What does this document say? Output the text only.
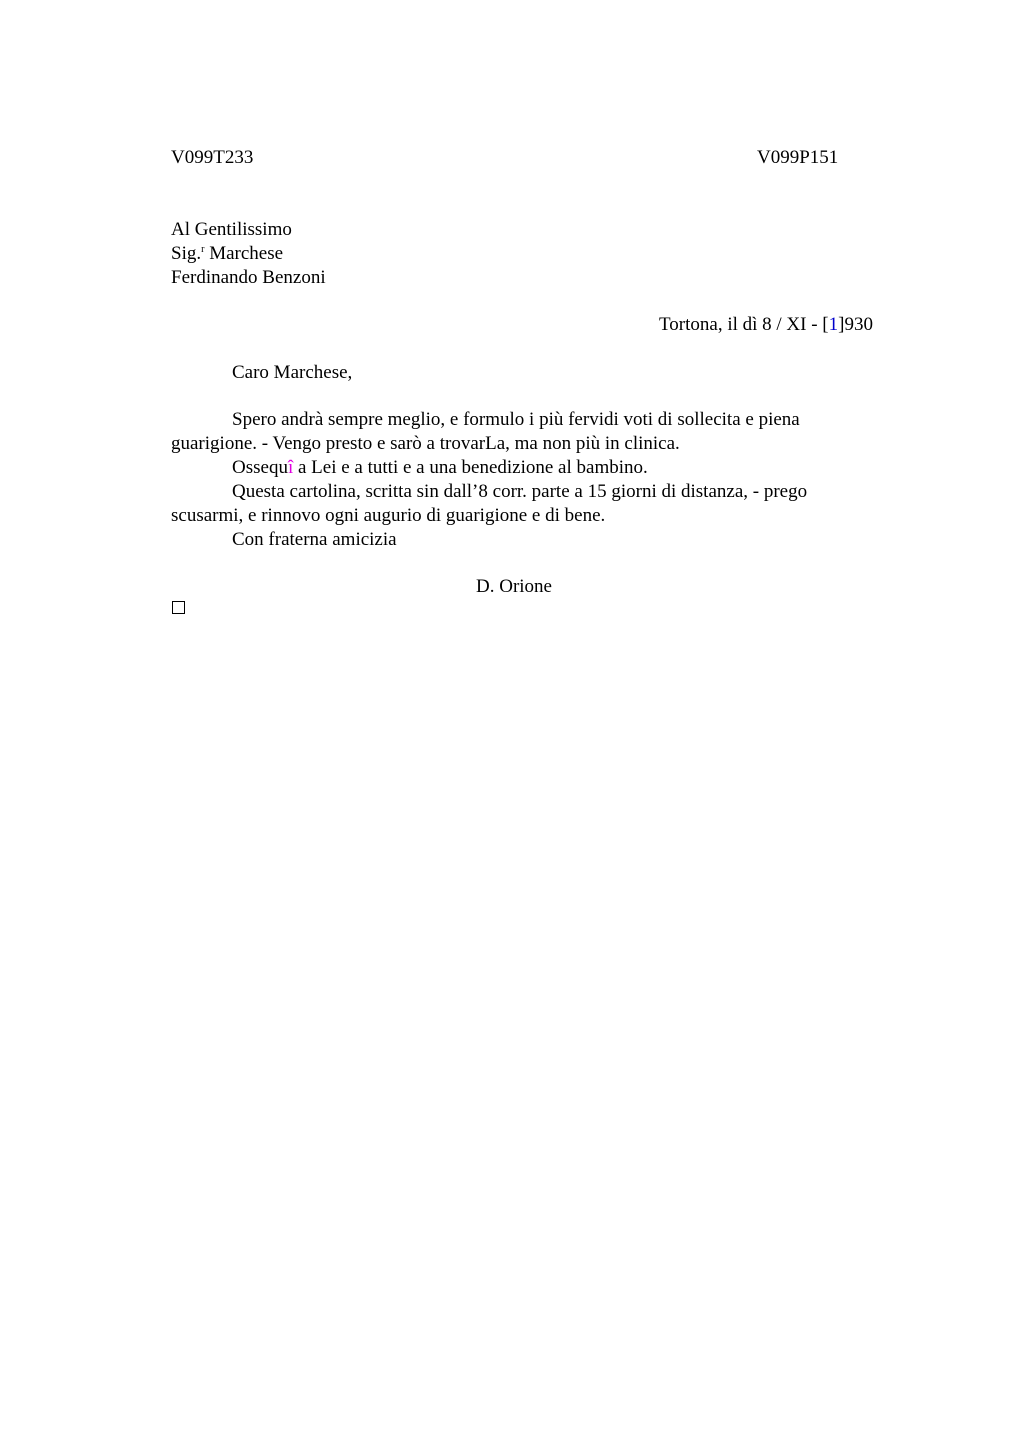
V099T233	V099P151
Al Gentilissimo
Sig.$^r$ Marchese
Ferdinando Benzoni
Tortona, il dì 8 / XI - [1]930
Caro Marchese,

Spero andrà sempre meglio, e formulo i più fervidi voti di sollecita e piena guarigione. - Vengo presto e sarò a trovarLa, ma non più in clinica.

Ossequî a Lei e a tutti e a una benedizione al bambino.

Questa cartolina, scritta sin dall’8 corr. parte a 15 giorni di distanza, - prego scusarmi, e rinnovo ogni augurio di guarigione e di bene.

Con fraterna amicizia

D. Orione
